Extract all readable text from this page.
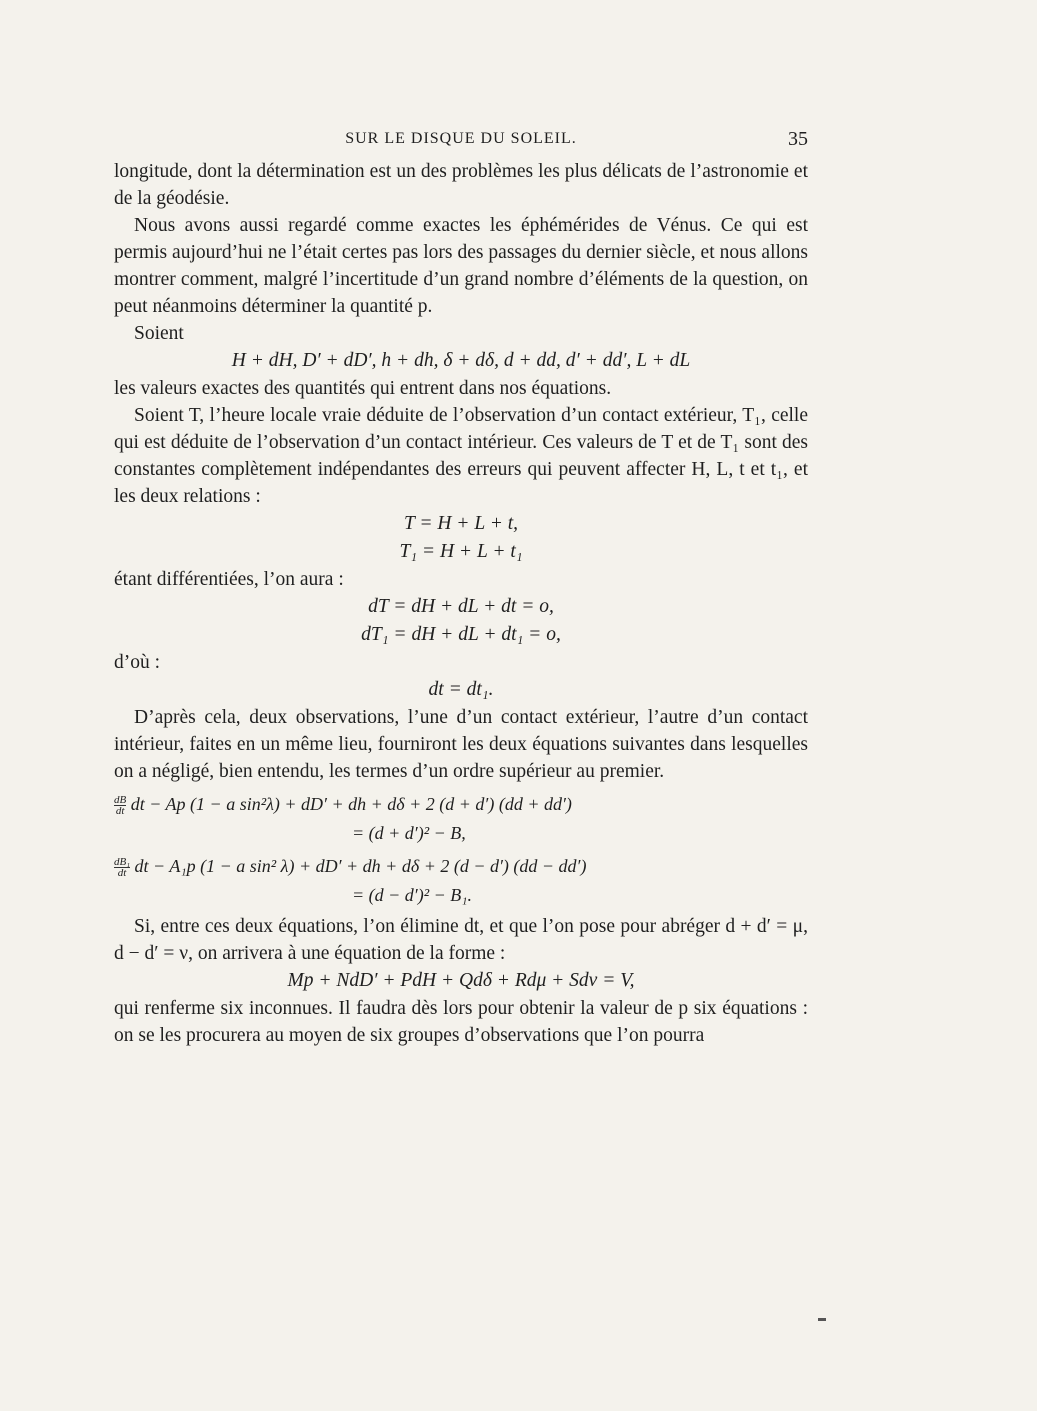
SUR LE DISQUE DU SOLEIL.	35

longitude, dont la détermination est un des problèmes les plus délicats de l’astronomie et de la géodésie.

Nous avons aussi regardé comme exactes les éphémérides de Vénus. Ce qui est permis aujourd’hui ne l’était certes pas lors des passages du dernier siècle, et nous allons montrer comment, malgré l’incertitude d’un grand nombre d’éléments de la question, on peut néanmoins déterminer la quantité p.

Soient

H + dH, D′ + dD′, h + dh, δ + dδ, d + dd, d′ + dd′, L + dL

les valeurs exactes des quantités qui entrent dans nos équations.

Soient T, l’heure locale vraie déduite de l’observation d’un contact extérieur, T₁, celle qui est déduite de l’observation d’un contact intérieur. Ces valeurs de T et de T₁ sont des constantes complètement indépendantes des erreurs qui peuvent affecter H, L, t et t₁, et les deux relations :

T = H + L + t,

T₁ = H + L + t₁

étant différentiées, l’on aura :

dT = dH + dL + dt = o,

dT₁ = dH + dL + dt₁ = o,

d’où :

dt = dt₁.

D’après cela, deux observations, l’une d’un contact extérieur, l’autre d’un contact intérieur, faites en un même lieu, fourniront les deux équations suivantes dans lesquelles on a négligé, bien entendu, les termes d’un ordre supérieur au premier.

$\frac{dB}{dt}$ dt − Ap (1 − a sin²λ) + dD′ + dh + dδ + 2 (d + d′) (dd + dd′)
= (d + d′)² − B,
$\frac{\text{dB₁}}{dt}$ dt − A₁p (1 − a sin² λ) + dD′ + dh + dδ + 2 (d − d′) (dd − dd′)
= (d − d′)² − B₁.

Si, entre ces deux équations, l’on élimine dt, et que l’on pose pour abréger d + d′ = μ, d − d′ = ν, on arrivera à une équation de la forme :

Mp + NdD′ + PdH + Qdδ + Rdμ + Sdν = V,

qui renferme six inconnues. Il faudra dès lors pour obtenir la valeur de p six équations : on se les procurera au moyen de six groupes d’observations que l’on pourra
